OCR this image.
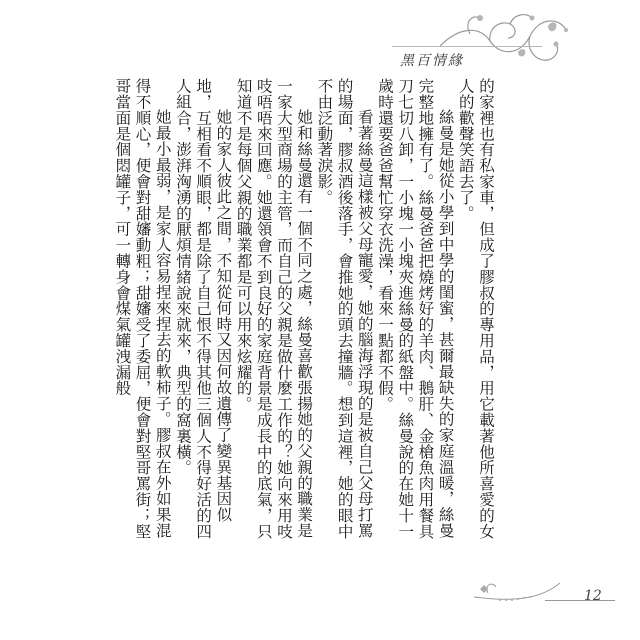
黑百情緣

的家裡也有私家車，但成了膠叔的專用品，用它載著他所喜愛的女人的歡聲笑語去了。

絲曼是她從小學到中學的閨蜜，甚爾最缺失的家庭溫暖，絲曼完整地擁有了。絲曼爸爸把燒烤好的羊肉、鵝肝、金槍魚肉用餐具刀七切八卸，一小塊一小塊夾進絲曼的紙盤中。絲曼說的在她十一歲時還要爸爸幫忙穿衣洗澡，看來一點都不假。

看著絲曼這樣被父母寵愛，她的腦海浮現的是被自己父母打罵的場面，膠叔酒後落手，會推她的頭去撞牆。想到這裡，她的眼中不由泛動著淚影。

她和絲曼還有一個不同之處，絲曼喜歡張揚她的父親的職業是一家大型商場的主管，而自己的父親是做什麼工作的？她向來用吱吱唔唔來回應。她還領會不到良好的家庭背景是成長中的底氣，只知道不是每個父親的職業都是可以用來炫耀的。

她的家人彼此之間，不知從何時又因何故遺傳了變異基因似地，互相看不順眼，都是除了自己恨不得其他三個人不得好活的四人組合，澎湃洶湧的厭煩情緒說來就來，典型的窩裏橫。

她最小最弱，是家人容易捏來捏去的軟柿子。膠叔在外如果混得不順心，便會對甜嬸動粗；甜嬸受了委屈，便會對堅哥罵街；堅哥當面是個悶罐子，可一轉身會煤氣罐洩漏般

12
